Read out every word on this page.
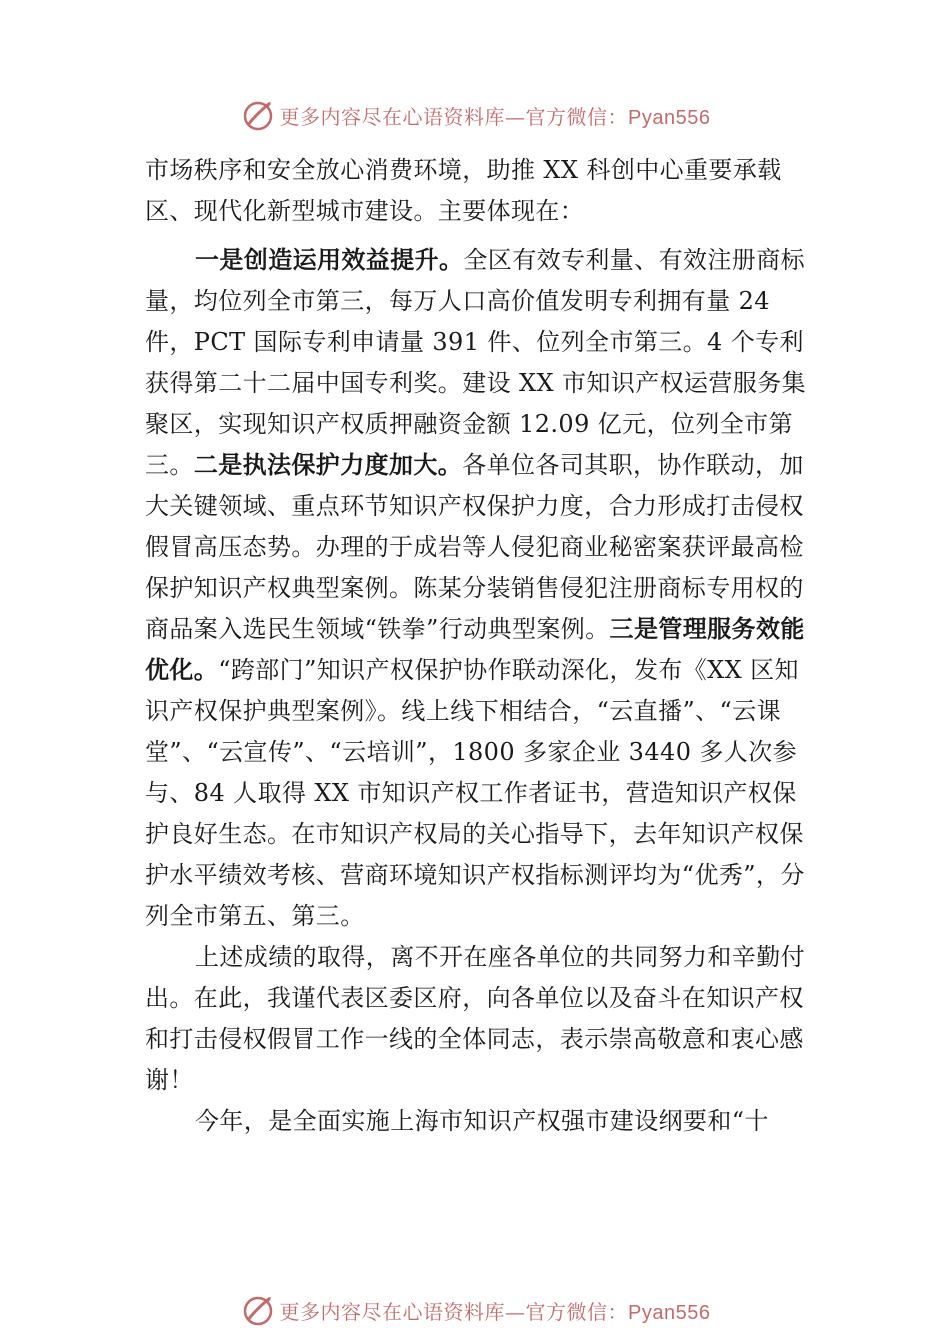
更多内容尽在心语资料库—官方微信：Pyan556

市场秩序和安全放心消费环境，助推 XX 科创中心重要承载区、现代化新型城市建设。主要体现在：

一是创造运用效益提升。全区有效专利量、有效注册商标量，均位列全市第三，每万人口高价值发明专利拥有量 24 件，PCT 国际专利申请量 391 件、位列全市第三。4 个专利获得第二十二届中国专利奖。建设 XX 市知识产权运营服务集聚区，实现知识产权质押融资金额 12.09 亿元，位列全市第三。二是执法保护力度加大。各单位各司其职，协作联动，加大关键领域、重点环节知识产权保护力度，合力形成打击侵权假冒高压态势。办理的于成岩等人侵犯商业秘密案获评最高检保护知识产权典型案例。陈某分装销售侵犯注册商标专用权的商品案入选民生领域“铁拳”行动典型案例。三是管理服务效能优化。“跨部门”知识产权保护协作联动深化，发布《XX 区知识产权保护典型案例》。线上线下相结合，“云直播”、“云课堂”、“云宣传”、“云培训”，1800 多家企业 3440 多人次参与、84 人取得 XX 市知识产权工作者证书，营造知识产权保护良好生态。在市知识产权局的关心指导下，去年知识产权保护水平绩效考核、营商环境知识产权指标测评均为“优秀”，分列全市第五、第三。

上述成绩的取得，离不开在座各单位的共同努力和辛勤付出。在此，我谨代表区委区府，向各单位以及奋斗在知识产权和打击侵权假冒工作一线的全体同志，表示崇高敬意和衷心感谢！

今年，是全面实施上海市知识产权强市建设纲要和“十

更多内容尽在心语资料库—官方微信：Pyan556
